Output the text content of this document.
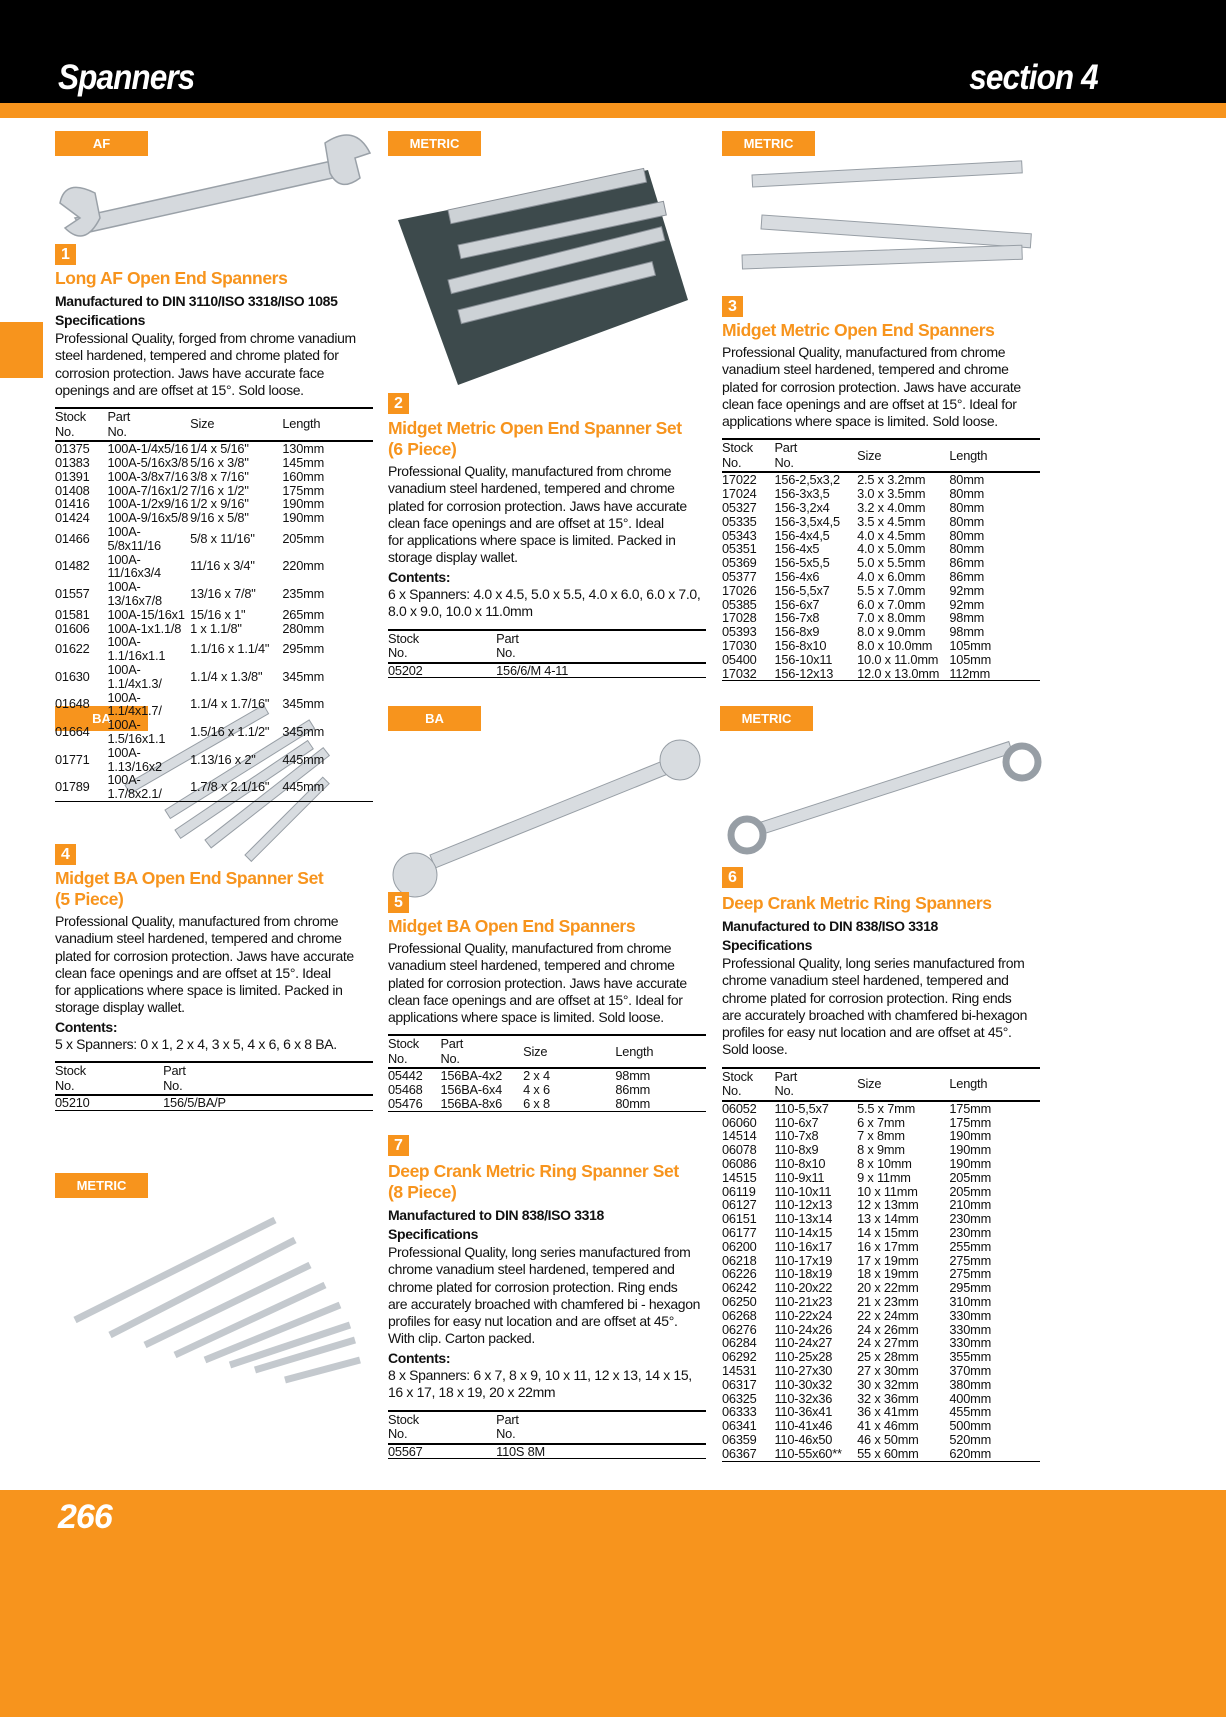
Spanners	section 4
266
AF	METRIC	METRIC
BA	BA	METRIC
METRIC
1
2
3
4
5
6
7
Long AF Open End Spanners
Manufactured to DIN 3110/ISO 3318/ISO 1085
Specifications

Professional Quality, forged from chrome vanadium
steel hardened, tempered and chrome plated for
corrosion protection. Jaws have accurate face
openings and are offset at 15°. Sold loose.

Stock
No.	Part
No.	Size	Length
01375	100A-1/4x5/16	1/4 x 5/16"	130mm
01383	100A-5/16x3/8	5/16 x 3/8"	145mm
01391	100A-3/8x7/16	3/8 x 7/16"	160mm
01408	100A-7/16x1/2	7/16 x 1/2"	175mm
01416	100A-1/2x9/16	1/2 x 9/16"	190mm
01424	100A-9/16x5/8	9/16 x 5/8"	190mm
01466	100A-5/8x11/16	5/8 x 11/16"	205mm
01482	100A-11/16x3/4	11/16 x 3/4"	220mm
01557	100A-13/16x7/8	13/16 x 7/8"	235mm
01581	100A-15/16x1	15/16 x 1"	265mm
01606	100A-1x1.1/8	1 x 1.1/8"	280mm
01622	100A-1.1/16x1.1	1.1/16 x 1.1/4"	295mm
01630	100A-1.1/4x1.3/	1.1/4 x 1.3/8"	345mm
01648	100A-1.1/4x1.7/	1.1/4 x 1.7/16"	345mm
01664	100A-1.5/16x1.1	1.5/16 x 1.1/2"	345mm
01771	100A-1.13/16x2	1.13/16 x 2"	445mm
01789	100A-1.7/8x2.1/	1.7/8 x 2.1/16"	445mm
Midget Metric Open End Spanner Set
(6 Piece)

Professional Quality, manufactured from chrome
vanadium steel hardened, tempered and chrome
plated for corrosion protection. Jaws have accurate
clean face openings and are offset at 15°. Ideal
for applications where space is limited. Packed in
storage display wallet.

Contents:

6 x Spanners: 4.0 x 4.5, 5.0 x 5.5, 4.0 x 6.0, 6.0 x 7.0,
8.0 x 9.0, 10.0 x 11.0mm

Stock
No.	Part
No.
05202	156/6/M 4-11
Midget Metric Open End Spanners

Professional Quality, manufactured from chrome
vanadium steel hardened, tempered and chrome
plated for corrosion protection. Jaws have accurate
clean face openings and are offset at 15°. Ideal for
applications where space is limited. Sold loose.

Stock
No.	Part
No.	Size	Length
17022	156-2,5x3,2	2.5 x 3.2mm	80mm
17024	156-3x3,5	3.0 x 3.5mm	80mm
05327	156-3,2x4	3.2 x 4.0mm	80mm
05335	156-3,5x4,5	3.5 x 4.5mm	80mm
05343	156-4x4,5	4.0 x 4.5mm	80mm
05351	156-4x5	4.0 x 5.0mm	80mm
05369	156-5x5,5	5.0 x 5.5mm	86mm
05377	156-4x6	4.0 x 6.0mm	86mm
17026	156-5,5x7	5.5 x 7.0mm	92mm
05385	156-6x7	6.0 x 7.0mm	92mm
17028	156-7x8	7.0 x 8.0mm	98mm
05393	156-8x9	8.0 x 9.0mm	98mm
17030	156-8x10	8.0 x 10.0mm	105mm
05400	156-10x11	10.0 x 11.0mm	105mm
17032	156-12x13	12.0 x 13.0mm	112mm
Midget BA Open End Spanner Set
(5 Piece)

Professional Quality, manufactured from chrome
vanadium steel hardened, tempered and chrome
plated for corrosion protection. Jaws have accurate
clean face openings and are offset at 15°. Ideal
for applications where space is limited. Packed in
storage display wallet.

Contents:

5 x Spanners: 0 x 1, 2 x 4, 3 x 5, 4 x 6, 6 x 8 BA.

Stock
No.	Part
No.
05210	156/5/BA/P
Midget BA Open End Spanners

Professional Quality, manufactured from chrome
vanadium steel hardened, tempered and chrome
plated for corrosion protection. Jaws have accurate
clean face openings and are offset at 15°. Ideal for
applications where space is limited. Sold loose.

Stock
No.	Part
No.	Size	Length
05442	156BA-4x2	2 x 4	98mm
05468	156BA-6x4	4 x 6	86mm
05476	156BA-8x6	6 x 8	80mm
Deep Crank Metric Ring Spanners
Manufactured to DIN 838/ISO 3318
Specifications

Professional Quality, long series manufactured from
chrome vanadium steel hardened, tempered and
chrome plated for corrosion protection. Ring ends
are accurately broached with chamfered bi-hexagon
profiles for easy nut location and are offset at 45°.
Sold loose.

Stock
No.	Part
No.	Size	Length
06052	110-5,5x7	5.5 x 7mm	175mm
06060	110-6x7	6 x 7mm	175mm
14514	110-7x8	7 x 8mm	190mm
06078	110-8x9	8 x 9mm	190mm
06086	110-8x10	8 x 10mm	190mm
14515	110-9x11	9 x 11mm	205mm
06119	110-10x11	10 x 11mm	205mm
06127	110-12x13	12 x 13mm	210mm
06151	110-13x14	13 x 14mm	230mm
06177	110-14x15	14 x 15mm	230mm
06200	110-16x17	16 x 17mm	255mm
06218	110-17x19	17 x 19mm	275mm
06226	110-18x19	18 x 19mm	275mm
06242	110-20x22	20 x 22mm	295mm
06250	110-21x23	21 x 23mm	310mm
06268	110-22x24	22 x 24mm	330mm
06276	110-24x26	24 x 26mm	330mm
06284	110-24x27	24 x 27mm	330mm
06292	110-25x28	25 x 28mm	355mm
14531	110-27x30	27 x 30mm	370mm
06317	110-30x32	30 x 32mm	380mm
06325	110-32x36	32 x 36mm	400mm
06333	110-36x41	36 x 41mm	455mm
06341	110-41x46	41 x 46mm	500mm
06359	110-46x50	46 x 50mm	520mm
06367	110-55x60**	55 x 60mm	620mm
Deep Crank Metric Ring Spanner Set
(8 Piece)
Manufactured to DIN 838/ISO 3318
Specifications

Professional Quality, long series manufactured from
chrome vanadium steel hardened, tempered and
chrome plated for corrosion protection. Ring ends
are accurately broached with chamfered bi - hexagon
profiles for easy nut location and are offset at 45°.
With clip. Carton packed.

Contents:

8 x Spanners: 6 x 7, 8 x 9, 10 x 11, 12 x 13, 14 x 15,
16 x 17, 18 x 19, 20 x 22mm

Stock
No.	Part
No.
05567	110S 8M
